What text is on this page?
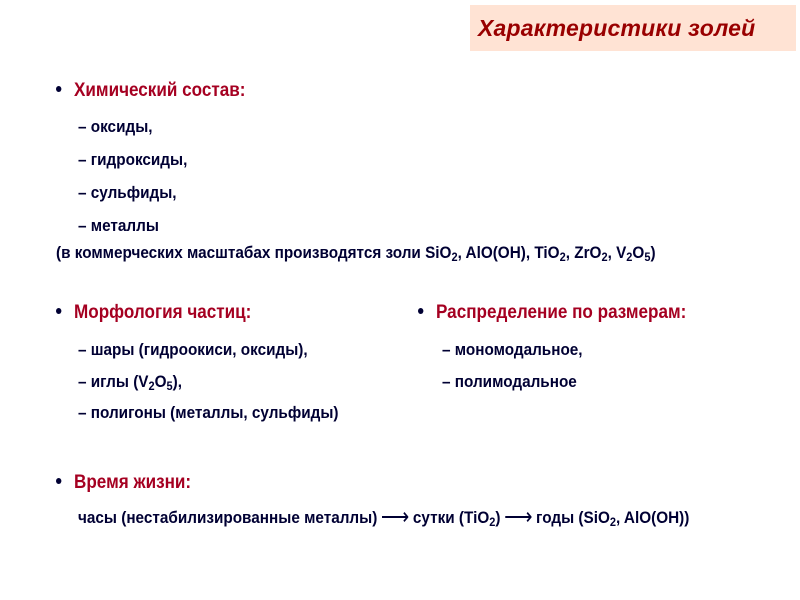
Характеристики золей
Химический состав:
– оксиды,
– гидроксиды,
– сульфиды,
– металлы
(в коммерческих масштабах производятся золи SiO$_2$, AlO(OH), TiO$_2$, ZrO$_2$, $V_2O_5$)
Морфология частиц:
– шары (гидроокиси, оксиды),
– иглы $(V_2O_5)$,
– полигоны (металлы, сульфиды)
Распределение по размерам:
– мономодальное,
– полимодальное
Время жизни:
часы (нестабилизированные металлы) ⟶ сутки (TiO$_2$) ⟶ годы (SiO$_2$, AlO(OH))
